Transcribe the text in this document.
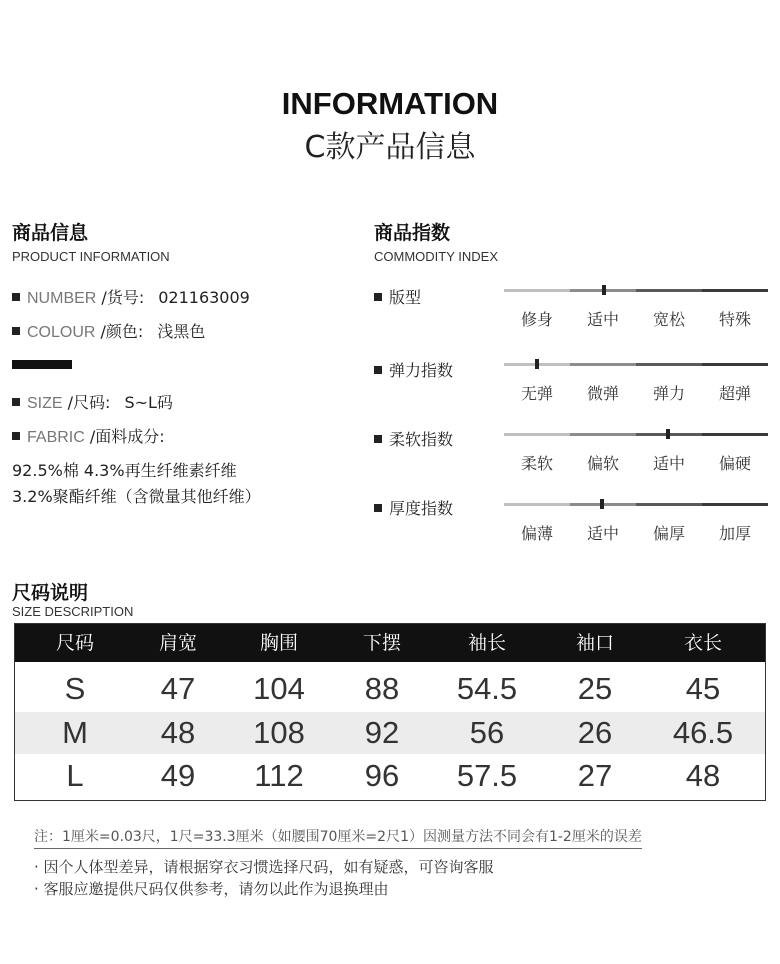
INFORMATION
C款产品信息
商品信息
PRODUCT INFORMATION
NUMBER /货号: 021163009
COLOUR /颜色: 浅黑色
SIZE /尺码: S~L码
FABRIC /面料成分:
92.5%棉 4.3%再生纤维素纤维
3.2%聚酯纤维（含微量其他纤维）
商品指数
COMMODITY INDEX
版型
修身	适中	宽松	特殊
弹力指数
无弹	微弹	弹力	超弹
柔软指数
柔软	偏软	适中	偏硬
厚度指数
偏薄	适中	偏厚	加厚
尺码说明
SIZE DESCRIPTION
尺码	肩宽	胸围	下摆	袖长	袖口	衣长
S	47	104	88	54.5	25	45
M	48	108	92	56	26	46.5
L	49	112	96	57.5	27	48
注：1厘米=0.03尺，1尺=33.3厘米（如腰围70厘米=2尺1）因测量方法不同会有1-2厘米的误差
· 因个人体型差异，请根据穿衣习惯选择尺码，如有疑惑，可咨询客服
· 客服应邀提供尺码仅供参考，请勿以此作为退换理由
